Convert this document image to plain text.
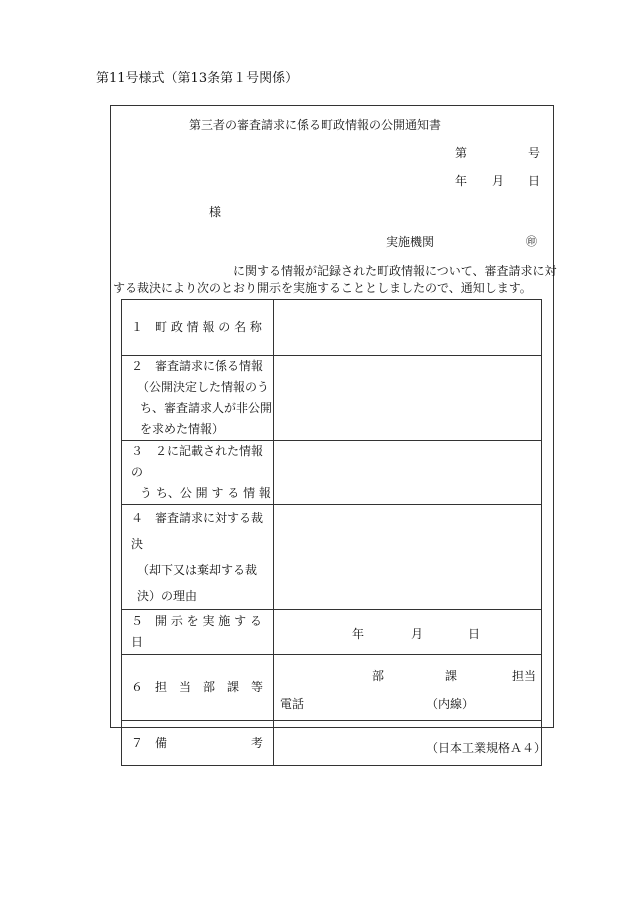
第11号様式（第13条第１号関係）
第三者の審査請求に係る町政情報の公開通知書
第	号
年 月 日
様
実施機関	㊞
に関する情報が記録された町政情報について、審査請求に対
する裁決により次のとおり開示を実施することとしましたので、通知します。
１　町 政 情 報 の 名 称	

２　審査請求に係る情報
（公開決定した情報のう
ち、審査請求人が非公開
を求めた情報）	

３　２に記載された情報の
う ち、公 開 す る 情 報	

４　審査請求に対する裁決
（却下又は棄却する裁
決）の理由	

５　開 示 を 実 施 す る 日	年 月 日

６　担　当　部　課　等	部 課 担当
電話 （内線）

７　備　　　　　　　考		（日本工業規格Ａ４）
